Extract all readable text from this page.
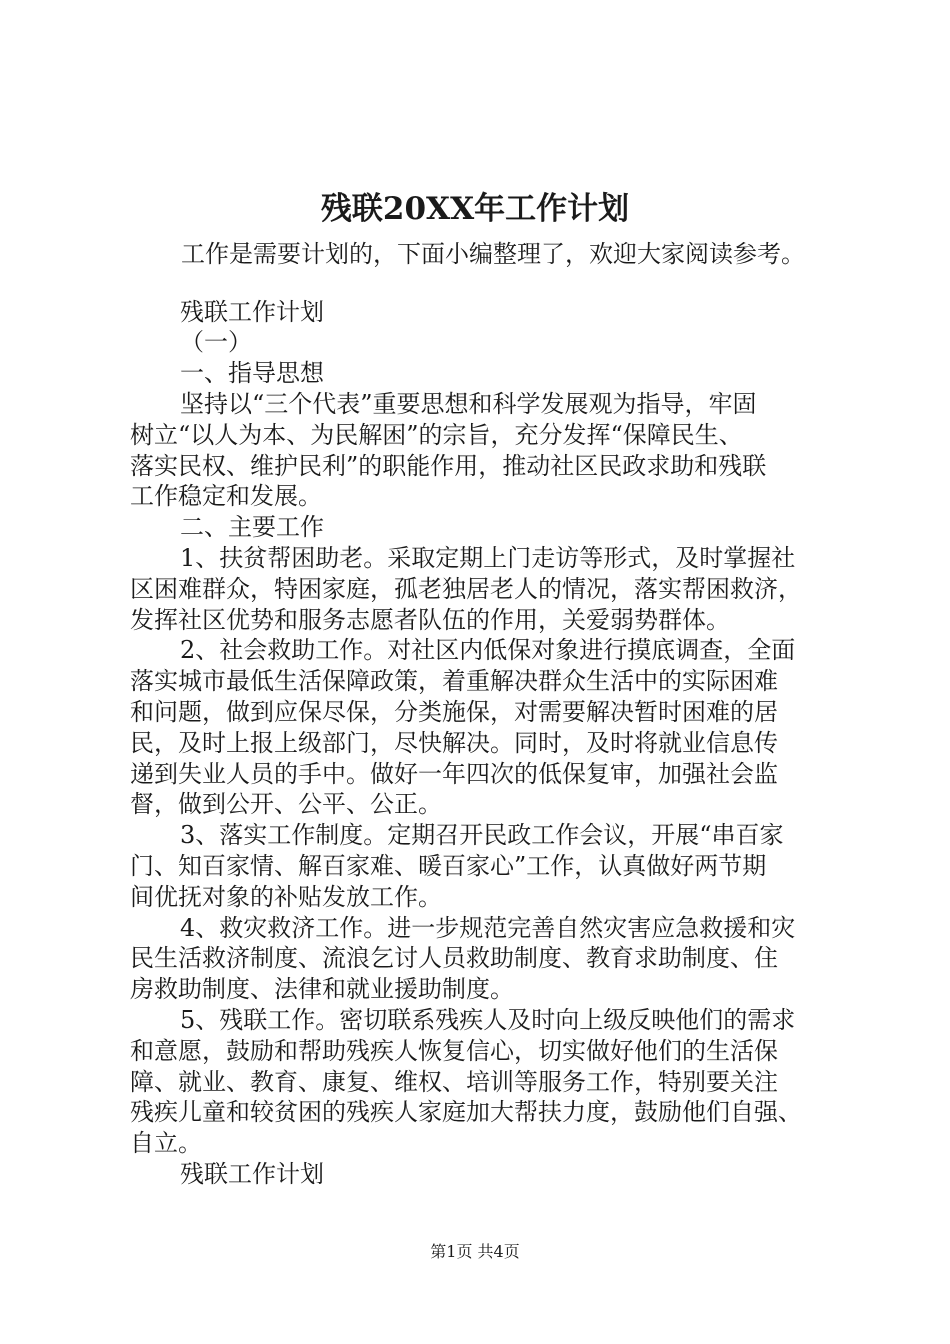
残联20XX年工作计划
工作是需要计划的，下面小编整理了，欢迎大家阅读参考。
残联工作计划
（一）
一、指导思想
坚持以“三个代表”重要思想和科学发展观为指导，牢固
树立“以人为本、为民解困”的宗旨，充分发挥“保障民生、
落实民权、维护民利”的职能作用，推动社区民政求助和残联
工作稳定和发展。
二、主要工作
1、扶贫帮困助老。采取定期上门走访等形式，及时掌握社
区困难群众，特困家庭，孤老独居老人的情况，落实帮困救济，
发挥社区优势和服务志愿者队伍的作用，关爱弱势群体。
2、社会救助工作。对社区内低保对象进行摸底调查，全面
落实城市最低生活保障政策，着重解决群众生活中的实际困难
和问题，做到应保尽保，分类施保，对需要解决暂时困难的居
民，及时上报上级部门，尽快解决。同时，及时将就业信息传
递到失业人员的手中。做好一年四次的低保复审，加强社会监
督，做到公开、公平、公正。
3、落实工作制度。定期召开民政工作会议，开展“串百家
门、知百家情、解百家难、暖百家心”工作，认真做好两节期
间优抚对象的补贴发放工作。
4、救灾救济工作。进一步规范完善自然灾害应急救援和灾
民生活救济制度、流浪乞讨人员救助制度、教育求助制度、住
房救助制度、法律和就业援助制度。
5、残联工作。密切联系残疾人及时向上级反映他们的需求
和意愿，鼓励和帮助残疾人恢复信心，切实做好他们的生活保
障、就业、教育、康复、维权、培训等服务工作，特别要关注
残疾儿童和较贫困的残疾人家庭加大帮扶力度，鼓励他们自强、
自立。
残联工作计划
第1页 共4页
